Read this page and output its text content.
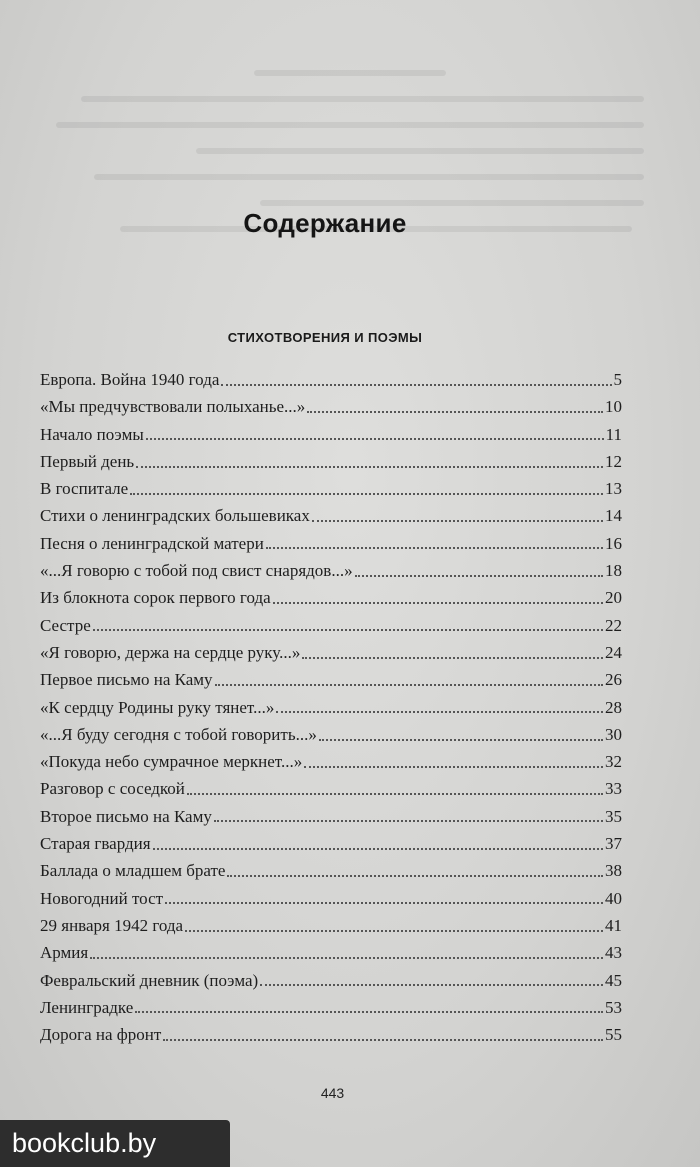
Содержание
СТИХОТВОРЕНИЯ И ПОЭМЫ
Европа. Война 1940 года	5
«Мы предчувствовали полыханье...»	10
Начало поэмы	11
Первый день	12
В госпитале	13
Стихи о ленинградских большевиках	14
Песня о ленинградской матери	16
«...Я говорю с тобой под свист снарядов...»	18
Из блокнота сорок первого года	20
Сестре	22
«Я говорю, держа на сердце руку...»	24
Первое письмо на Каму	26
«К сердцу Родины руку тянет...»	28
«...Я буду сегодня с тобой говорить...»	30
«Покуда небо сумрачное меркнет...»	32
Разговор с соседкой	33
Второе письмо на Каму	35
Старая гвардия	37
Баллада о младшем брате	38
Новогодний тост	40
29 января 1942 года	41
Армия	43
Февральский дневник (поэма)	45
Ленинградке	53
Дорога на фронт	55
443
bookclub.by
